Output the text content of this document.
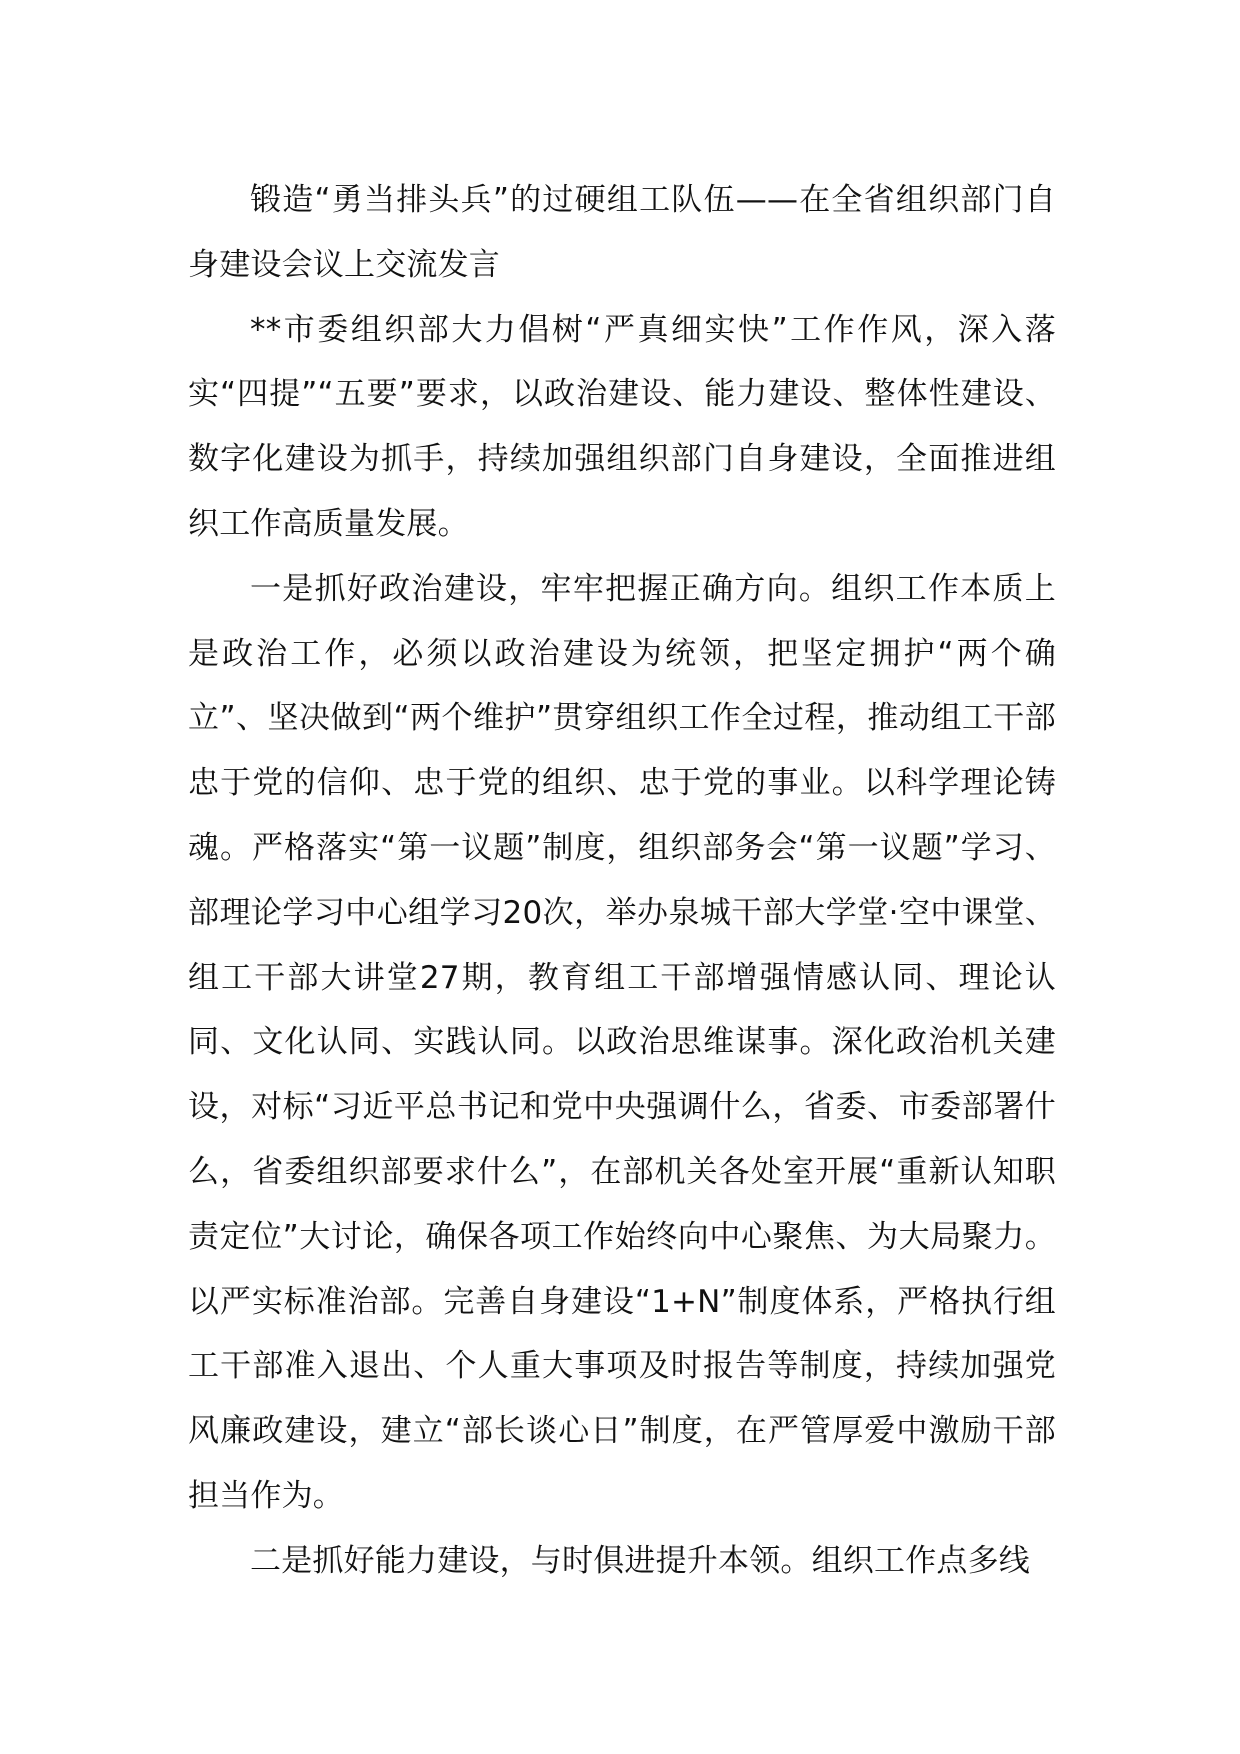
锻造“勇当排头兵”的过硬组工队伍——在全省组织部门自身建设会议上交流发言

**市委组织部大力倡树“严真细实快”工作作风，深入落实“四提”“五要”要求，以政治建设、能力建设、整体性建设、数字化建设为抓手，持续加强组织部门自身建设，全面推进组织工作高质量发展。

一是抓好政治建设，牢牢把握正确方向。组织工作本质上是政治工作，必须以政治建设为统领，把坚定拥护“两个确立”、坚决做到“两个维护”贯穿组织工作全过程，推动组工干部忠于党的信仰、忠于党的组织、忠于党的事业。以科学理论铸魂。严格落实“第一议题”制度，组织部务会“第一议题”学习、部理论学习中心组学习20次，举办泉城干部大学堂·空中课堂、组工干部大讲堂27期，教育组工干部增强情感认同、理论认同、文化认同、实践认同。以政治思维谋事。深化政治机关建设，对标“习近平总书记和党中央强调什么，省委、市委部署什么，省委组织部要求什么”，在部机关各处室开展“重新认知职责定位”大讨论，确保各项工作始终向中心聚焦、为大局聚力。以严实标准治部。完善自身建设“1+N”制度体系，严格执行组工干部准入退出、个人重大事项及时报告等制度，持续加强党风廉政建设，建立“部长谈心日”制度，在严管厚爱中激励干部担当作为。

二是抓好能力建设，与时俱进提升本领。组织工作点多线
